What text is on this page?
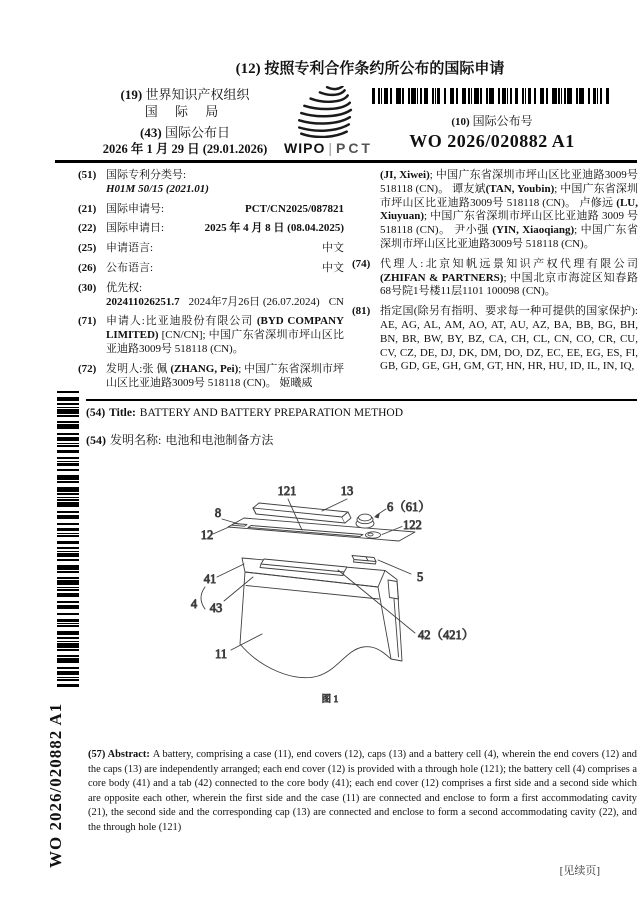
(12) 按照专利合作条约所公布的国际申请
(19) 世界知识产权组织
国 际 局
(43) 国际公布日
2026 年 1 月 29 日 (29.01.2026)	WIPO | PCT
(10) 国际公布号
WO 2026/020882 A1
(51) 国际专利分类号:
H01M 50/15 (2021.01)
(21) 国际申请号:	PCT/CN2025/087821
(22) 国际申请日:	2025 年 4 月 8 日 (08.04.2025)
(25) 申请语言:	中文
(26) 公布语言:	中文
(30) 优先权:
202411026251.7 2024年7月26日 (26.07.2024) CN
(71) 申请人:比亚迪股份有限公司 (BYD COMPANY LIMITED) [CN/CN]; 中国广东省深圳市坪山区比亚迪路3009号 518118 (CN)。
(72) 发明人:张 佩 (ZHANG, Pei); 中国广东省深圳市坪山区比亚迪路3009号 518118 (CN)。 姬曦威
(JI, Xiwei); 中国广东省深圳市坪山区比亚迪路3009号 518118 (CN)。 谭友斌(TAN, Youbin); 中国广东省深圳市坪山区比亚迪路3009号 518118 (CN)。 卢修远 (LU, Xiuyuan); 中国广东省深圳市坪山区比亚迪路 3009 号 518118 (CN)。 尹小强 (YIN, Xiaoqiang); 中国广东省深圳市坪山区比亚迪路3009号 518118 (CN)。
(74) 代理人:北京知帆远景知识产权代理有限公司 (ZHIFAN & PARTNERS); 中国北京市海淀区知春路68号院1号楼11层1101 100098 (CN)。
(81) 指定国(除另有指明、要求每一种可提供的国家保护): AE, AG, AL, AM, AO, AT, AU, AZ, BA, BB, BG, BH, BN, BR, BW, BY, BZ, CA, CH, CL, CN, CO, CR, CU, CV, CZ, DE, DJ, DK, DM, DO, DZ, EC, EE, EG, ES, FI, GB, GD, GE, GH, GM, GT, HN, HR, HU, ID, IL, IN, IQ,
WO 2026/020882 A1
(54) Title: BATTERY AND BATTERY PREPARATION METHOD
(54) 发明名称: 电池和电池制备方法
121	13
8	6（61）
12
122
41
4 43
5
11
42（421）
图 1
(57) Abstract: A battery, comprising a case (11), end covers (12), caps (13) and a battery cell (4), wherein the end covers (12) and the caps (13) are independently arranged; each end cover (12) is provided with a through hole (121); the battery cell (4) comprises a core body (41) and a tab (42) connected to the core body (41); each end cover (12) comprises a first side and a second side which are opposite each other, wherein the first side and the case (11) are connected and enclose to form a first accommodating cavity (21), the second side and the corresponding cap (13) are connected and enclose to form a second accommodating cavity (22), and the through hole (121)
[见续页]
